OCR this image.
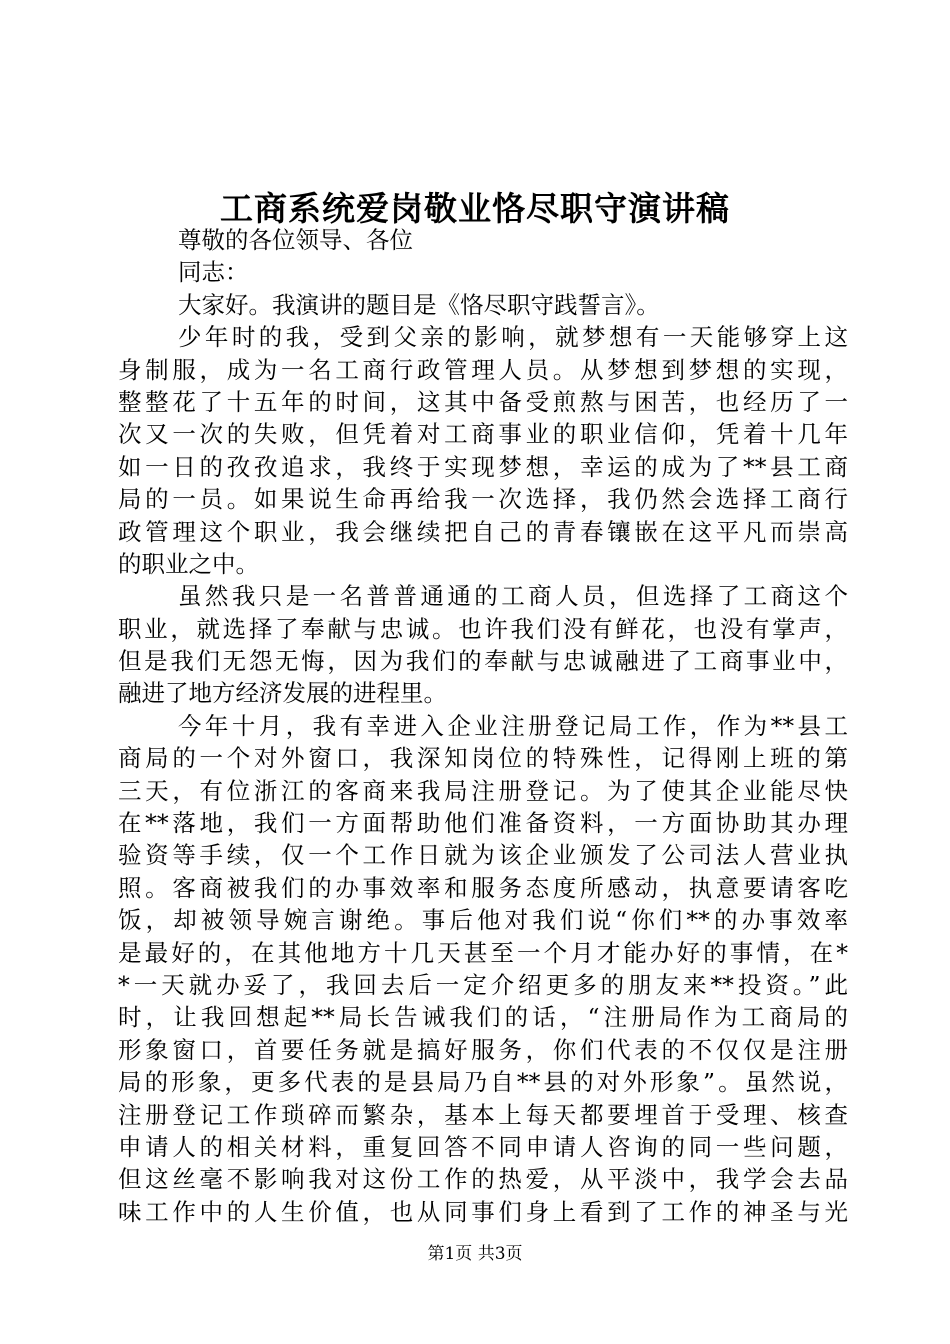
工商系统爱岗敬业恪尽职守演讲稿
尊敬的各位领导、各位
同志：
大家好。我演讲的题目是《恪尽职守践誓言》。
少年时的我，受到父亲的影响，就梦想有一天能够穿上这
身制服，成为一名工商行政管理人员。从梦想到梦想的实现，
整整花了十五年的时间，这其中备受煎熬与困苦，也经历了一
次又一次的失败，但凭着对工商事业的职业信仰，凭着十几年
如一日的孜孜追求，我终于实现梦想，幸运的成为了**县工商
局的一员。如果说生命再给我一次选择，我仍然会选择工商行
政管理这个职业，我会继续把自己的青春镶嵌在这平凡而崇高
的职业之中。
虽然我只是一名普普通通的工商人员，但选择了工商这个
职业，就选择了奉献与忠诚。也许我们没有鲜花，也没有掌声，
但是我们无怨无悔，因为我们的奉献与忠诚融进了工商事业中，
融进了地方经济发展的进程里。
今年十月，我有幸进入企业注册登记局工作，作为**县工
商局的一个对外窗口，我深知岗位的特殊性，记得刚上班的第
三天，有位浙江的客商来我局注册登记。为了使其企业能尽快
在**落地，我们一方面帮助他们准备资料，一方面协助其办理
验资等手续，仅一个工作日就为该企业颁发了公司法人营业执
照。客商被我们的办事效率和服务态度所感动，执意要请客吃
饭，却被领导婉言谢绝。事后他对我们说“你们**的办事效率
是最好的，在其他地方十几天甚至一个月才能办好的事情，在*
*一天就办妥了，我回去后一定介绍更多的朋友来**投资。”此
时，让我回想起**局长告诫我们的话，“注册局作为工商局的
形象窗口，首要任务就是搞好服务，你们代表的不仅仅是注册
局的形象，更多代表的是县局乃自**县的对外形象”。虽然说，
注册登记工作琐碎而繁杂，基本上每天都要埋首于受理、核查
申请人的相关材料，重复回答不同申请人咨询的同一些问题，
但这丝毫不影响我对这份工作的热爱，从平淡中，我学会去品
味工作中的人生价值，也从同事们身上看到了工作的神圣与光
第1页 共3页
